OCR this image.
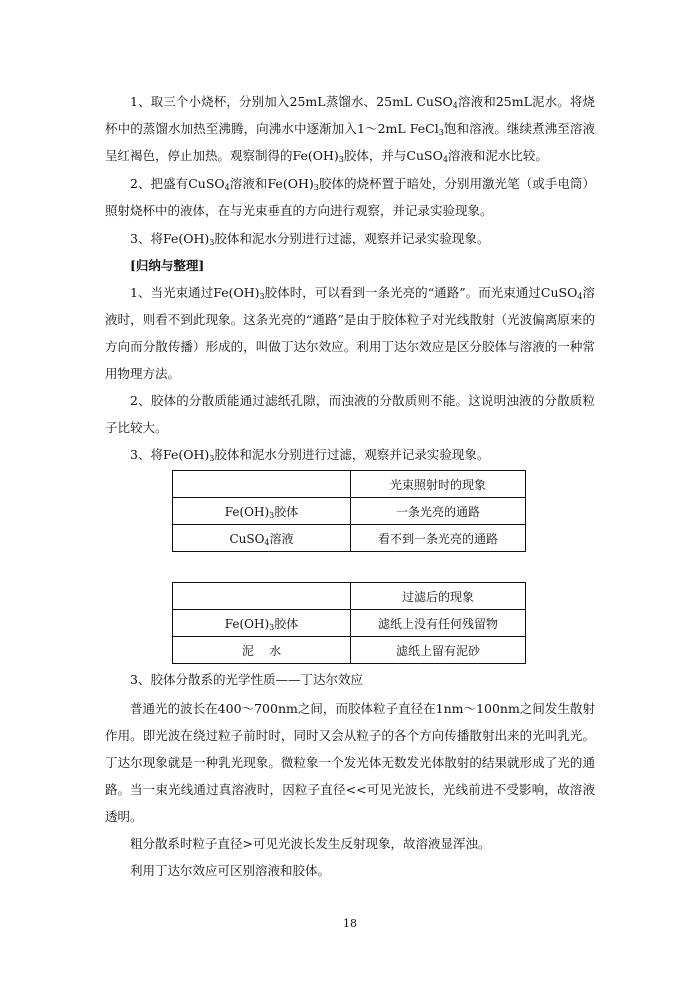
1、取三个小烧杯，分别加入25mL蒸馏水、25mL CuSO$_4$溶液和25mL泥水。将烧杯中的蒸馏水加热至沸腾，向沸水中逐渐加入1～2mL FeCl$_3$饱和溶液。继续煮沸至溶液呈红褐色，停止加热。观察制得的$Fe(OH)_3$胶体，并与CuSO$_4$溶液和泥水比较。

2、把盛有CuSO$_4$溶液和$Fe(OH)_3$胶体的烧杯置于暗处，分别用激光笔（或手电筒）照射烧杯中的液体，在与光束垂直的方向进行观察，并记录实验现象。

3、将$Fe(OH)_3$胶体和泥水分别进行过滤，观察并记录实验现象。

[归纳与整理]

1、当光束通过$Fe(OH)_3$胶体时，可以看到一条光亮的“通路”。而光束通过CuSO$_4$溶液时，则看不到此现象。这条光亮的“通路”是由于胶体粒子对光线散射（光波偏离原来的方向而分散传播）形成的，叫做丁达尔效应。利用丁达尔效应是区分胶体与溶液的一种常用物理方法。

2、胶体的分散质能通过滤纸孔隙，而浊液的分散质则不能。这说明浊液的分散质粒子比较大。

3、将$Fe(OH)_3$胶体和泥水分别进行过滤，观察并记录实验现象。

	光束照射时的现象
$Fe(OH)_3$胶体	一条光亮的通路
CuSO$_4$溶液	看不到一条光亮的通路
	过滤后的现象
$Fe(OH)_3$胶体	滤纸上没有任何残留物
泥    水	滤纸上留有泥砂

3、胶体分散系的光学性质——丁达尔效应

普通光的波长在400～700nm之间，而胶体粒子直径在1nm～100nm之间发生散射作用。即光波在绕过粒子前时时，同时又会从粒子的各个方向传播散射出来的光叫乳光。丁达尔现象就是一种乳光现象。微粒象一个发光体无数发光体散射的结果就形成了光的通路。 当一束光线通过真溶液时，因粒子直径<<可见光波长，光线前进不受影响，故溶液透明。

粗分散系时粒子直径>可见光波长发生反射现象，故溶液显浑浊。

利用丁达尔效应可区别溶液和胶体。

18
